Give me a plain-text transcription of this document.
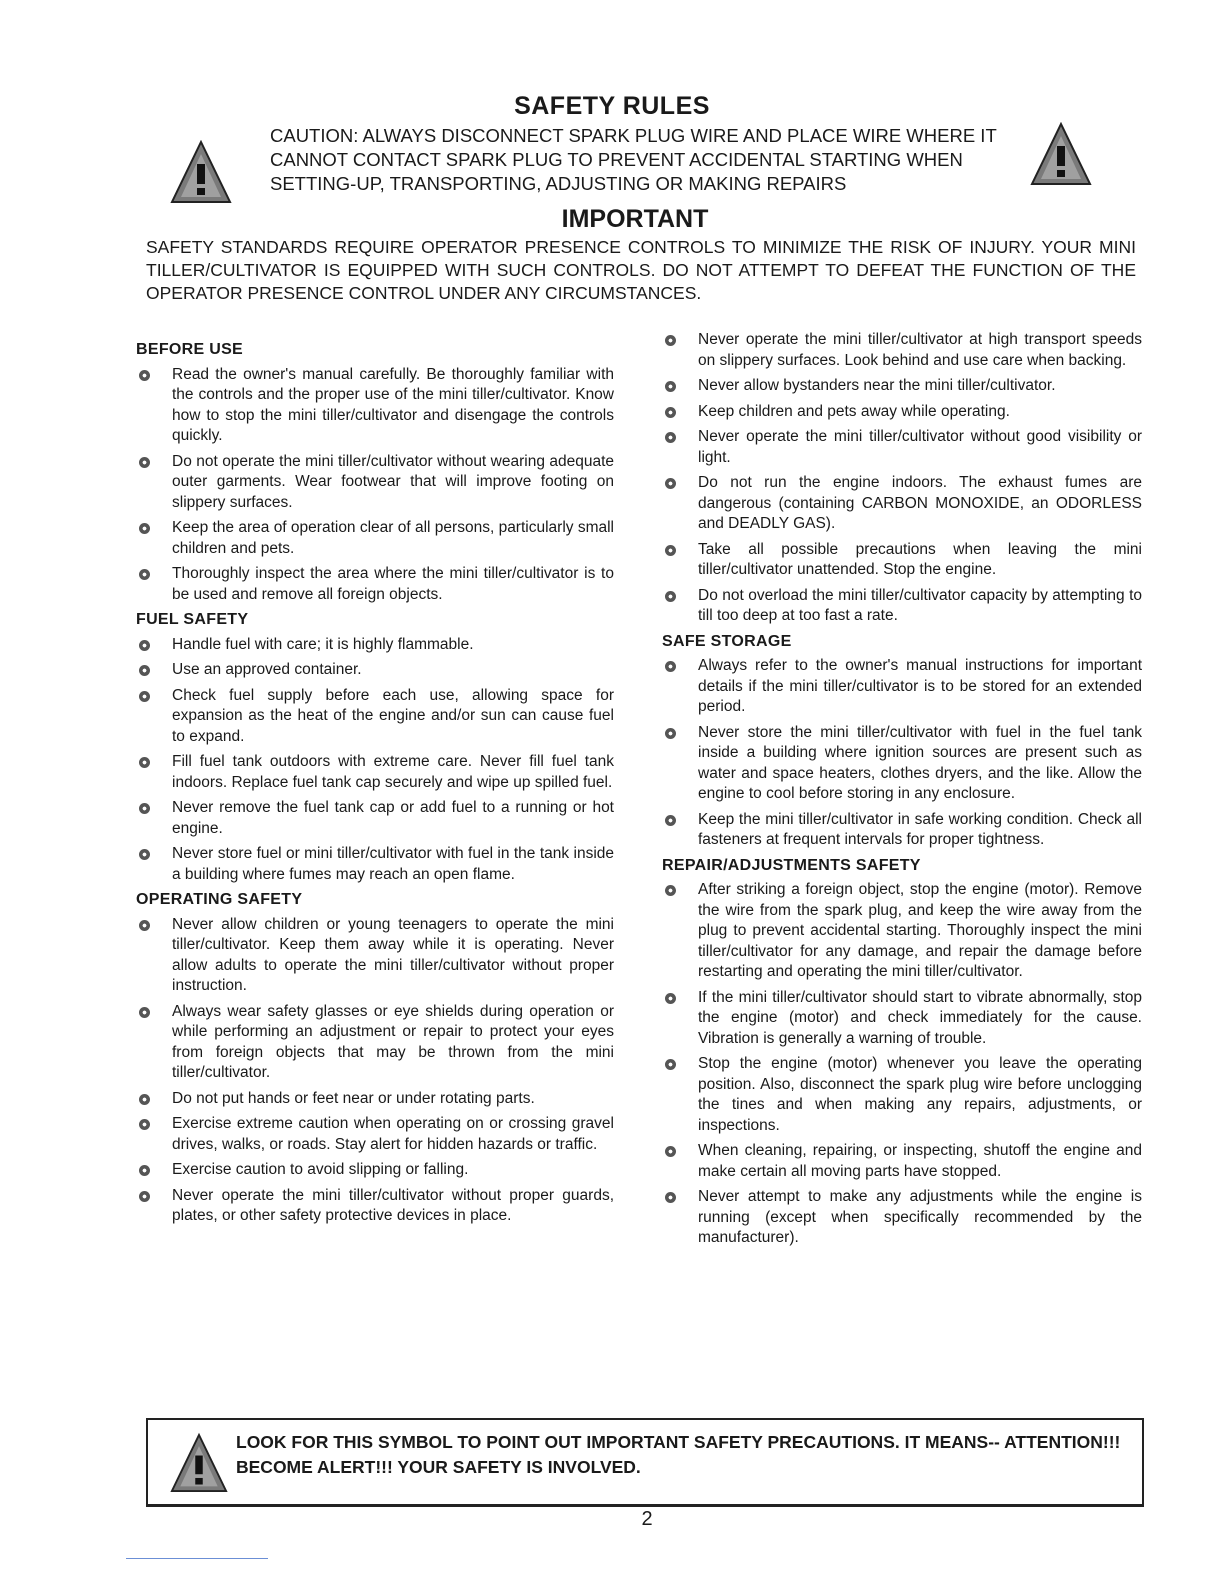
SAFETY RULES
CAUTION: ALWAYS DISCONNECT SPARK PLUG WIRE AND PLACE WIRE WHERE IT CANNOT CONTACT SPARK PLUG TO PREVENT ACCIDENTAL STARTING WHEN SETTING-UP, TRANSPORTING, ADJUSTING OR MAKING REPAIRS
IMPORTANT
SAFETY STANDARDS REQUIRE OPERATOR PRESENCE CONTROLS TO MINIMIZE THE RISK OF INJURY. YOUR MINI TILLER/CULTIVATOR IS EQUIPPED WITH SUCH CONTROLS. DO NOT ATTEMPT TO DEFEAT THE FUNCTION OF THE OPERATOR PRESENCE CONTROL UNDER ANY CIRCUMSTANCES.
BEFORE USE
Read the owner's manual carefully. Be thoroughly familiar with the controls and the proper use of the mini tiller/cultivator. Know how to stop the mini tiller/cultivator and disengage the controls quickly.
Do not operate the mini tiller/cultivator without wearing adequate outer garments. Wear footwear that will improve footing on slippery surfaces.
Keep the area of operation clear of all persons, particularly small children and pets.
Thoroughly inspect the area where the mini tiller/cultivator is to be used and remove all foreign objects.
FUEL SAFETY
Handle fuel with care; it is highly flammable.
Use an approved container.
Check fuel supply before each use, allowing space for expansion as the heat of the engine and/or sun can cause fuel to expand.
Fill fuel tank outdoors with extreme care. Never fill fuel tank indoors. Replace fuel tank cap securely and wipe up spilled fuel.
Never remove the fuel tank cap or add fuel to a running or hot engine.
Never store fuel or mini tiller/cultivator with fuel in the tank inside a building where fumes may reach an open flame.
OPERATING SAFETY
Never allow children or young teenagers to operate the mini tiller/cultivator. Keep them away while it is operating. Never allow adults to operate the mini tiller/cultivator without proper instruction.
Always wear safety glasses or eye shields during operation or while performing an adjustment or repair to protect your eyes from foreign objects that may be thrown from the mini tiller/cultivator.
Do not put hands or feet near or under rotating parts.
Exercise extreme caution when operating on or crossing gravel drives, walks, or roads. Stay alert for hidden hazards or traffic.
Exercise caution to avoid slipping or falling.
Never operate the mini tiller/cultivator without proper guards, plates, or other safety protective devices in place.
Never operate the mini tiller/cultivator at high transport speeds on slippery surfaces. Look behind and use care when backing.
Never allow bystanders near the mini tiller/cultivator.
Keep children and pets away while operating.
Never operate the mini tiller/cultivator without good visibility or light.
Do not run the engine indoors. The exhaust fumes are dangerous (containing CARBON MONOXIDE, an ODORLESS and DEADLY GAS).
Take all possible precautions when leaving the mini tiller/cultivator unattended. Stop the engine.
Do not overload the mini tiller/cultivator capacity by attempting to till too deep at too fast a rate.
SAFE STORAGE
Always refer to the owner's manual instructions for important details if the mini tiller/cultivator is to be stored for an extended period.
Never store the mini tiller/cultivator with fuel in the fuel tank inside a building where ignition sources are present such as water and space heaters, clothes dryers, and the like. Allow the engine to cool before storing in any enclosure.
Keep the mini tiller/cultivator in safe working condition. Check all fasteners at frequent intervals for proper tightness.
REPAIR/ADJUSTMENTS SAFETY
After striking a foreign object, stop the engine (motor). Remove the wire from the spark plug, and keep the wire away from the plug to prevent accidental starting. Thoroughly inspect the mini tiller/cultivator for any damage, and repair the damage before restarting and operating the mini tiller/cultivator.
If the mini tiller/cultivator should start to vibrate abnormally, stop the engine (motor) and check immediately for the cause. Vibration is generally a warning of trouble.
Stop the engine (motor) whenever you leave the operating position. Also, disconnect the spark plug wire before unclogging the tines and when making any repairs, adjustments, or inspections.
When cleaning, repairing, or inspecting, shutoff the engine and make certain all moving parts have stopped.
Never attempt to make any adjustments while the engine is running (except when specifically recommended by the manufacturer).
LOOK FOR THIS SYMBOL TO POINT OUT IMPORTANT SAFETY PRECAUTIONS. IT MEANS-- ATTENTION!!! BECOME ALERT!!! YOUR SAFETY IS INVOLVED.
2
